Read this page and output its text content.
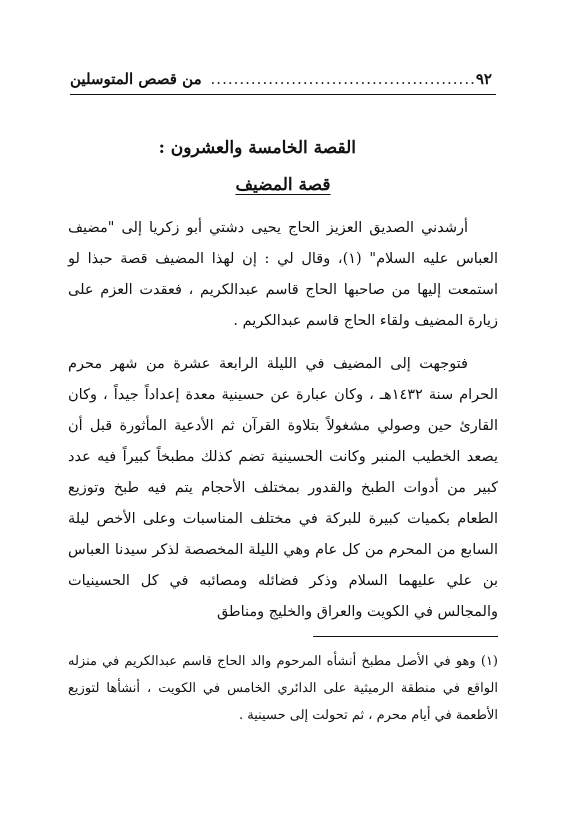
٩٢
..............................................
من قصص المتوسلين
القصة الخامسة والعشرون :
قصة المضيف

أرشدني الصديق العزيز الحاج يحيى دشتي أبو زكريا إلى "مضيف العباس عليه السلام" (١)، وقال لي : إن لهذا المضيف قصة حبذا لو استمعت إليها من صاحبها الحاج قاسم عبدالكريم ، فعقدت العزم على زيارة المضيف ولقاء الحاج قاسم عبدالكريم .

فتوجهت إلى المضيف في الليلة الرابعة عشرة من شهر محرم الحرام سنة ١٤٣٢هـ ، وكان عبارة عن حسينية معدة إعداداً جيداً ، وكان القارئ حين وصولي مشغولاً بتلاوة القرآن ثم الأدعية المأثورة قبل أن يصعد الخطيب المنبر وكانت الحسينية تضم كذلك مطبخاً كبيراً فيه عدد كبير من أدوات الطبخ والقدور بمختلف الأحجام يتم فيه طبخ وتوزيع الطعام بكميات كبيرة للبركة في مختلف المناسبات وعلى الأخص ليلة السابع من المحرم من كل عام وهي الليلة المخصصة لذكر سيدنا العباس بن علي عليهما السلام وذكر فضائله ومصائبه في كل الحسينيات والمجالس في الكويت والعراق والخليج ومناطق

(١) وهو في الأصل مطبخ أنشأه المرحوم والد الحاج قاسم عبدالكريم في منزله الواقع في منطقة الرميثية على الدائري الخامس في الكويت ، أنشأها لتوزيع الأطعمة في أيام محرم ، ثم تحولت إلى حسينية .
